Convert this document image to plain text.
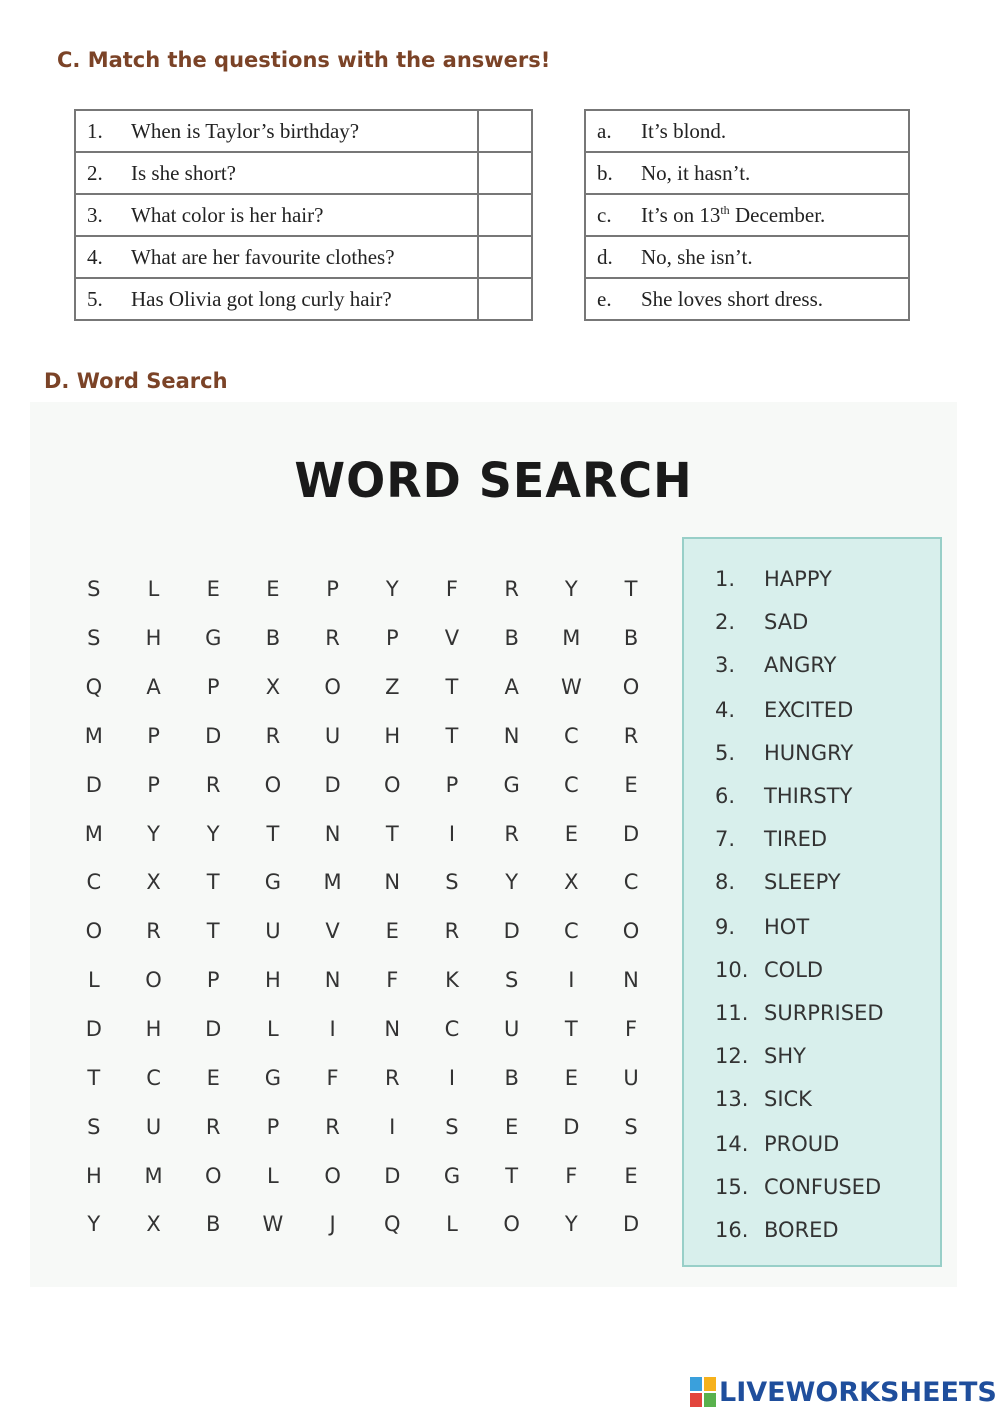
C. Match the questions with the answers!
1. When is Taylor’s birthday?	
2. Is she short?	
3. What color is her hair?	
4. What are her favourite clothes?	
5. Has Olivia got long curly hair?	
a. It’s blond.
b. No, it hasn’t.
c. It’s on 13th December.
d. No, she isn’t.
e. She loves short dress.
D. Word Search
WORD SEARCH
S	L	E	E	P	Y	F	R	Y	T
S	H	G	B	R	P	V	B	M	B
Q	A	P	X	O	Z	T	A	W	O
M	P	D	R	U	H	T	N	C	R
D	P	R	O	D	O	P	G	C	E
M	Y	Y	T	N	T	I	R	E	D
C	X	T	G	M	N	S	Y	X	C
O	R	T	U	V	E	R	D	C	O
L	O	P	H	N	F	K	S	I	N
D	H	D	L	I	N	C	U	T	F
T	C	E	G	F	R	I	B	E	U
S	U	R	P	R	I	S	E	D	S
H	M	O	L	O	D	G	T	F	E
Y	X	B	W	J	Q	L	O	Y	D
1.	HAPPY
2.	SAD
3.	ANGRY
4.	EXCITED
5.	HUNGRY
6.	THIRSTY
7.	TIRED
8.	SLEEPY
9.	HOT
10. COLD
11. SURPRISED
12. SHY
13. SICK
14. PROUD
15. CONFUSED
16. BORED
LIVEWORKSHEETS
